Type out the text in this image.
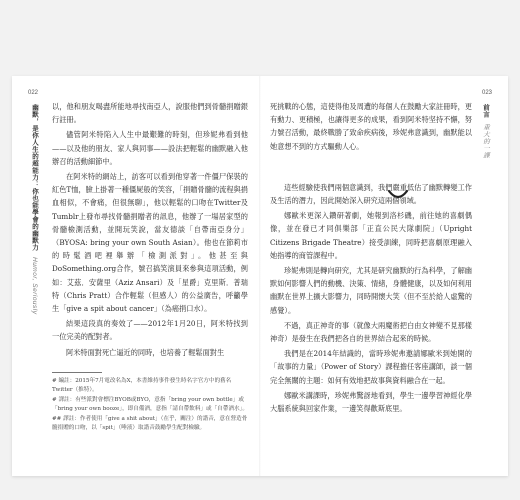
022
幽默，是你人生的超能力：你也能學會的幽默力 Humor, Seriously

以，他和朋友喝盡所能地尋找南亞人，說服他們到骨髓捐贈銀行註冊。

儘管阿米特陷入人生中最艱難的時刻，但珍妮弗看到他——以及他的朋友、家人與同事——設法把輕鬆的幽默融入他辦召的活動細節中。

在阿米特的網站上，訪客可以看到他穿著一件僵尸保裝的紅色T恤，臉上掛著一種僵屍般的笑容，「捐贈骨髓的流程與捐血相似，不會痛，但很無聊」，他以輕鬆的口吻在Twitter及Tumblr上發布尋找骨髓捐贈者的訊息，他辦了一場居家型的骨髓檢測活動，並開玩笑說，當友德談「自帶南亞身分」（BYOSA: bring your own South Asian）。他也在節莉市的時髦酒吧裡舉辦「檢測派對」。他甚至與DoSomething.org合作，號召搞笑演員來參與這項活動，例如：艾茲．安薩里（Aziz Ansari）及「星爵」克里斯．普瑞特（Chris Pratt）合作輕鬆（但感人）的公益廣告，呼籲學生「give a spit about cancer」（為癌捐口水）。

結果這段真的奏效了——2012年1月20日，阿米特找到一位完美的配對者。

阿米特面對死亡逼近的同時，也培養了輕鬆面對生

# 編註：2015年7月電改名為X，本書維持事件發生時名字官方中的舊名Twitter（推特）。

# 譯註：有些派對會標注BYOB或BYO，意指「bring your own bottle」或「bring your own booze」，即自備酒，意指「請自帶飲料」或「自帶酒水」。

## 譯註：作者使用「give a shit about」（在乎，關注）的諧音，意在營造骨髓捐贈的口吻，以「spit」（唾液）取諧音鼓勵學生配對檢驗。

023
前言 重大的一課

死挑戰的心態，這使得他及周遭的每個人在鼓勵大家註冊時，更有動力、更積極，也讓得更多的成果，看到阿米特坚持不懈，努力號召活動，最終戰勝了致命疾病後，珍妮弗意識到，幽默能以她意想不到的方式驅動人心。

這些經驗使我們兩個意識到，我們嚴重低估了幽默轉變工作及生活的潛力，因此開始深入研究這兩個領域。

娜歐米更深入鑽研著劇，她報到洛杉磯，前往她的喜劇偶像，並在發已才同俱樂部「正直公民大隊劇院」（Upright Citizens Brigade Theatre）接受訓練，同時把喜劇原理融入她指導的商管課程中。

珍妮弗則是轉向研究，尤其是研究幽默的行為科學，了解幽默如何影響人們的動機、決策、情緒，身體健康，以及如何利用幽默在世界上擴大影響力，同時開懷大笑（但不至於給人虛驚的感覺）。

不過，真正神奇的事（就像大兩魔術把白由女神變不見那樣神奇）是發生在我們把各自的世界結合起來的時候。

我們是在2014年結識的，當時珍妮弗邀請娜歐米到她開的「故事的力量」（Power of Story）課程擔任客座講師，談一個完全無關的主題：如何有效地把故事與資料融合在一起。

娜歐米講課時，珍妮弗驚訝地看到，學生一邊學習神經化學大腦系統與回家作業，一邊笑得歡斯底里。
